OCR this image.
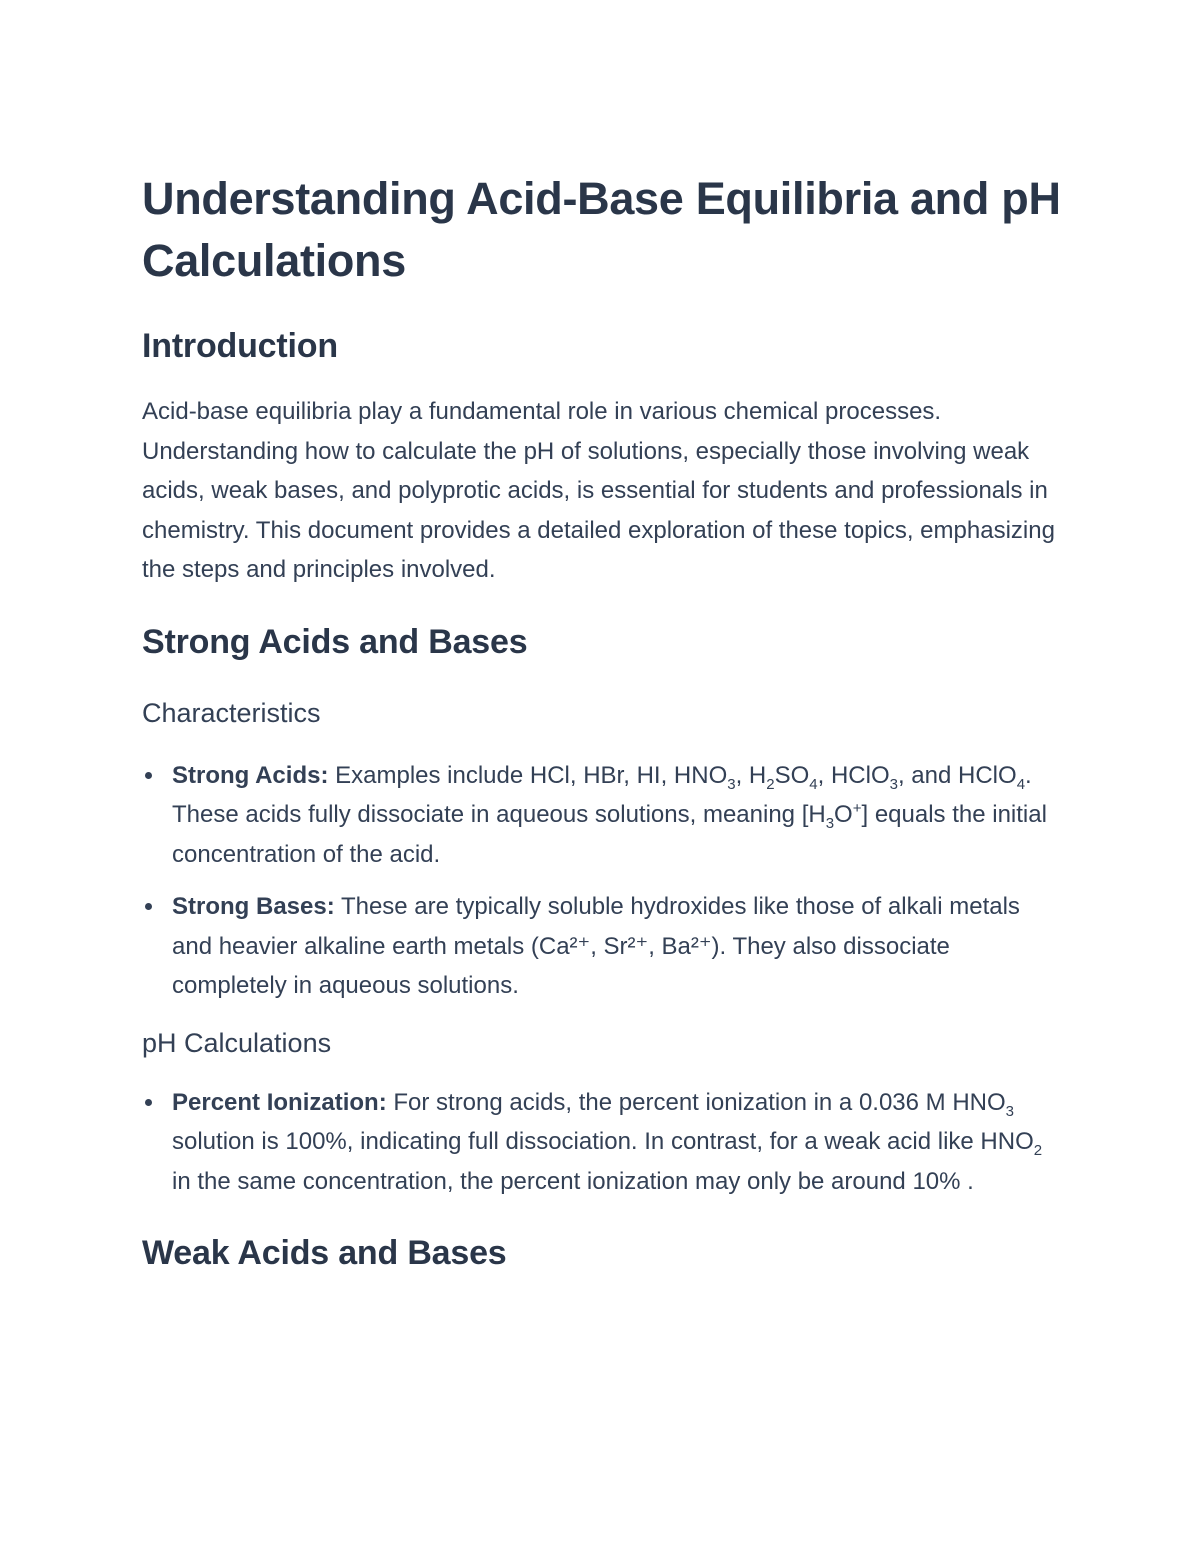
Understanding Acid-Base Equilibria and pH Calculations
Introduction

Acid-base equilibria play a fundamental role in various chemical processes. Understanding how to calculate the pH of solutions, especially those involving weak acids, weak bases, and polyprotic acids, is essential for students and professionals in chemistry. This document provides a detailed exploration of these topics, emphasizing the steps and principles involved.

Strong Acids and Bases
Characteristics
Strong Acids: Examples include HCl, HBr, HI, $HNO_3$, $H_2SO_4$, HClO$_3$, and HClO$_4$. These acids fully dissociate in aqueous solutions, meaning $[H_3O^+]$ equals the initial concentration of the acid.
Strong Bases: These are typically soluble hydroxides like those of alkali metals and heavier alkaline earth metals (Ca²⁺, Sr²⁺, Ba²⁺). They also dissociate completely in aqueous solutions.
pH Calculations
Percent Ionization: For strong acids, the percent ionization in a 0.036 M $HNO_3$ solution is 100%, indicating full dissociation. In contrast, for a weak acid like $HNO_2$ in the same concentration, the percent ionization may only be around 10% .
Weak Acids and Bases
